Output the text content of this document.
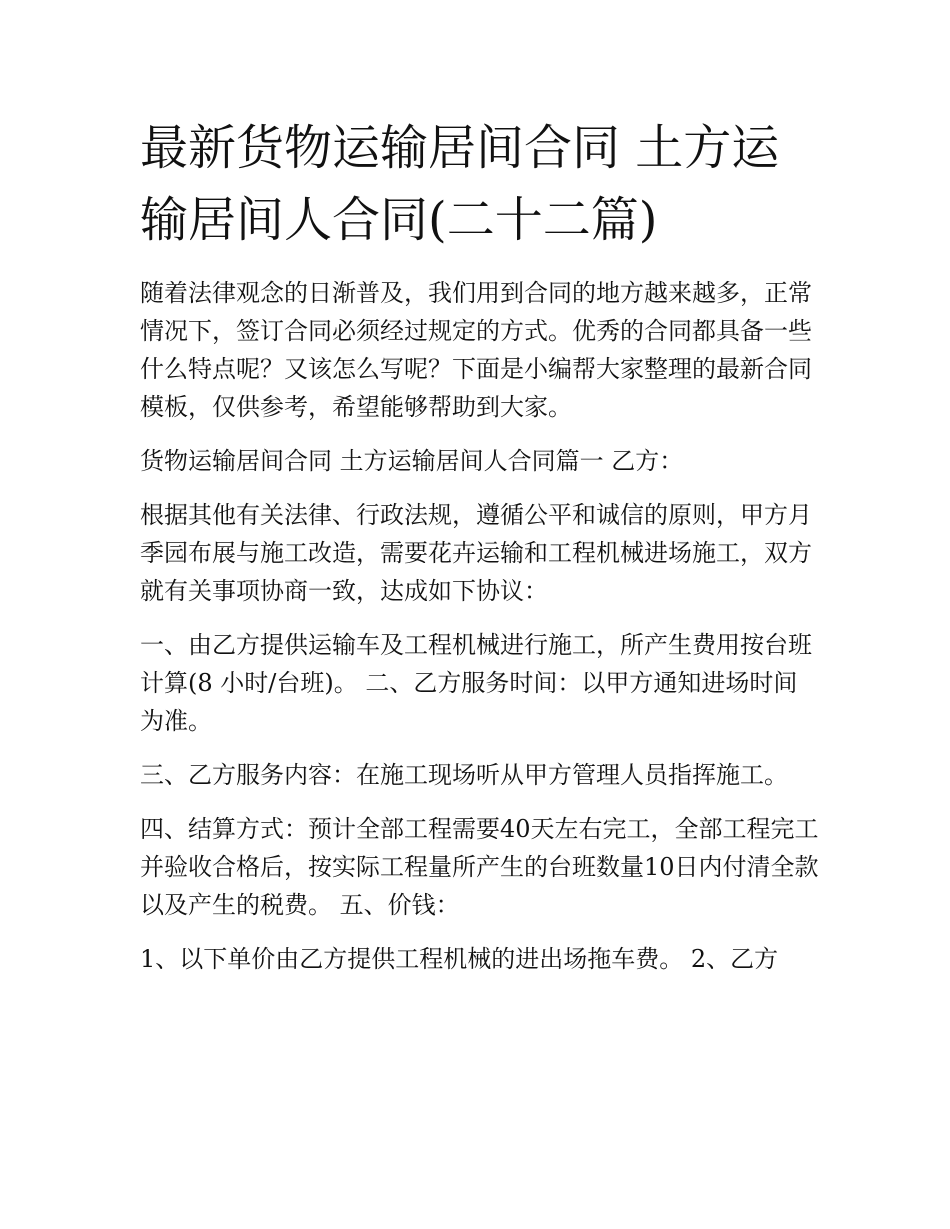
最新货物运输居间合同 土方运输居间人合同(二十二篇)

随着法律观念的日渐普及，我们用到合同的地方越来越多，正常情况下，签订合同必须经过规定的方式。优秀的合同都具备一些什么特点呢？又该怎么写呢？下面是小编帮大家整理的最新合同模板，仅供参考，希望能够帮助到大家。

货物运输居间合同 土方运输居间人合同篇一 乙方：

根据其他有关法律、行政法规，遵循公平和诚信的原则，甲方月季园布展与施工改造，需要花卉运输和工程机械进场施工，双方就有关事项协商一致，达成如下协议：

一、由乙方提供运输车及工程机械进行施工，所产生费用按台班计算(8 小时/台班)。 二、乙方服务时间：以甲方通知进场时间为准。

三、乙方服务内容：在施工现场听从甲方管理人员指挥施工。

四、结算方式：预计全部工程需要40天左右完工，全部工程完工并验收合格后，按实际工程量所产生的台班数量10日内付清全款以及产生的税费。 五、价钱：

1、以下单价由乙方提供工程机械的进出场拖车费。 2、乙方
